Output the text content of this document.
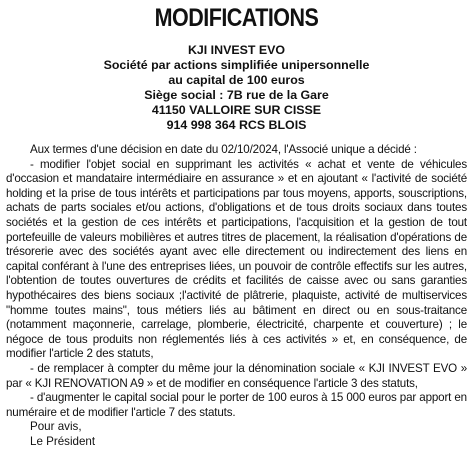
MODIFICATIONS
KJI INVEST EVO
Société par actions simplifiée unipersonnelle
au capital de 100 euros
Siège social : 7B rue de la Gare
41150 VALLOIRE SUR CISSE
914 998 364 RCS BLOIS

Aux termes d'une décision en date du 02/10/2024, l'Associé unique a décidé :

- modifier l'objet social en supprimant les activités « achat et vente de véhicules d'occasion et mandataire intermédiaire en assurance » et en ajoutant « l'activité de société holding et la prise de tous intérêts et participations par tous moyens, apports, souscriptions, achats de parts sociales et/ou actions, d'obligations et de tous droits sociaux dans toutes sociétés et la gestion de ces intérêts et participations, l'acquisition et la gestion de tout portefeuille de valeurs mobilières et autres titres de placement, la réalisation d'opérations de trésorerie avec des sociétés ayant avec elle directement ou indirectement des liens en capital conférant à l'une des entreprises liées, un pouvoir de contrôle effectifs sur les autres, l'obtention de toutes ouvertures de crédits et facilités de caisse avec ou sans garanties hypothécaires des biens sociaux ;l'activité de plâtrerie, plaquiste, activité de multiservices "homme toutes mains", tous métiers liés au bâtiment en direct ou en sous-traitance (notamment maçonnerie, carrelage, plomberie, électricité, charpente et couverture) ; le négoce de tous produits non réglementés liés à ces activités » et, en conséquence, de modifier l'article 2 des statuts,

- de remplacer à compter du même jour la dénomination sociale « KJI INVEST EVO » par « KJI RENOVATION A9 » et de modifier en conséquence l'article 3 des statuts,

- d'augmenter le capital social pour le porter de 100 euros à 15 000 euros par apport en numéraire et de modifier l'article 7 des statuts.

Pour avis,

Le Président
